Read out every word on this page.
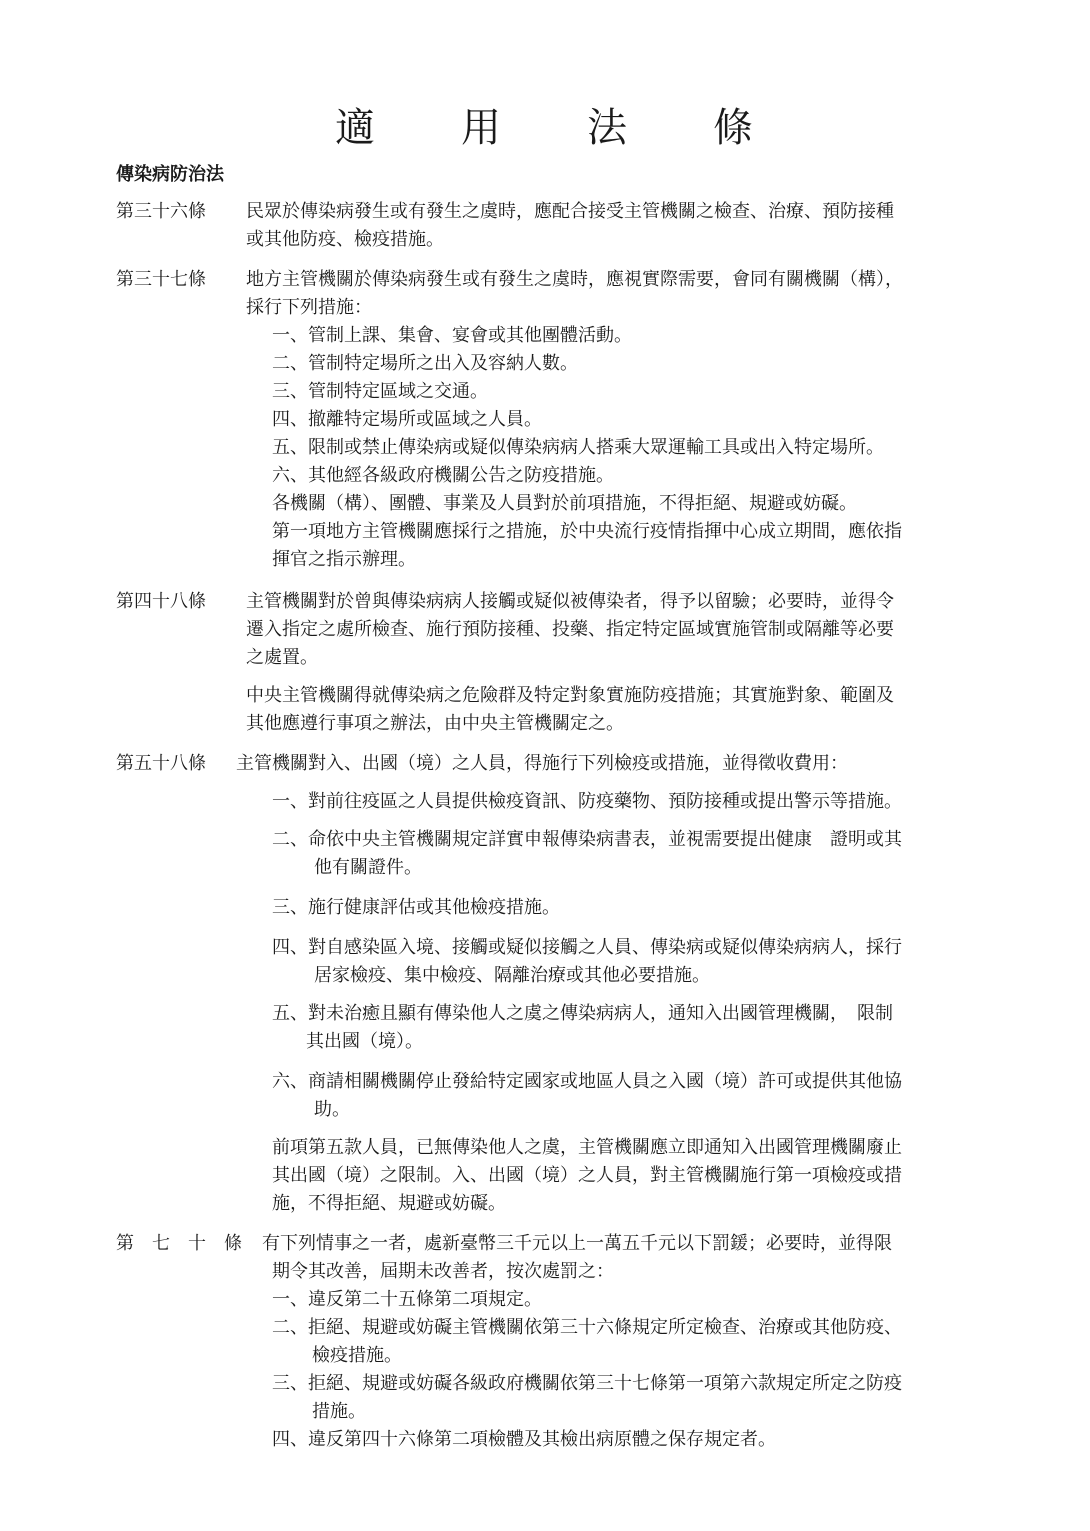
適　　用　　法　　條
傳染病防治法
第三十六條 民眾於傳染病發生或有發生之虞時，應配合接受主管機關之檢查、治療、預防接種
或其他防疫、檢疫措施。
第三十七條 地方主管機關於傳染病發生或有發生之虞時，應視實際需要，會同有關機關（構），
採行下列措施：
一、管制上課、集會、宴會或其他團體活動。
二、管制特定場所之出入及容納人數。
三、管制特定區域之交通。
四、撤離特定場所或區域之人員。
五、限制或禁止傳染病或疑似傳染病病人搭乘大眾運輸工具或出入特定場所。
六、其他經各級政府機關公告之防疫措施。
各機關（構）、團體、事業及人員對於前項措施，不得拒絕、規避或妨礙。
第一項地方主管機關應採行之措施，於中央流行疫情指揮中心成立期間，應依指
揮官之指示辦理。
第四十八條 主管機關對於曾與傳染病病人接觸或疑似被傳染者，得予以留驗；必要時，並得令
遷入指定之處所檢查、施行預防接種、投藥、指定特定區域實施管制或隔離等必要
之處置。
中央主管機關得就傳染病之危險群及特定對象實施防疫措施；其實施對象、範圍及
其他應遵行事項之辦法，由中央主管機關定之。
第五十八條 主管機關對入、出國（境）之人員，得施行下列檢疫或措施，並得徵收費用：
一、對前往疫區之人員提供檢疫資訊、防疫藥物、預防接種或提出警示等措施。
二、命依中央主管機關規定詳實申報傳染病書表，並視需要提出健康　證明或其
他有關證件。
三、施行健康評估或其他檢疫措施。
四、對自感染區入境、接觸或疑似接觸之人員、傳染病或疑似傳染病病人，採行
居家檢疫、集中檢疫、隔離治療或其他必要措施。
五、對未治癒且顯有傳染他人之虞之傳染病病人，通知入出國管理機關，　限制
其出國（境）。
六、商請相關機關停止發給特定國家或地區人員之入國（境）許可或提供其他協
助。
前項第五款人員，已無傳染他人之虞，主管機關應立即通知入出國管理機關廢止
其出國（境）之限制。入、出國（境）之人員，對主管機關施行第一項檢疫或措
施，不得拒絕、規避或妨礙。
第　七　十　條 有下列情事之一者，處新臺幣三千元以上一萬五千元以下罰鍰；必要時，並得限
期令其改善，屆期未改善者，按次處罰之：
一、違反第二十五條第二項規定。
二、拒絕、規避或妨礙主管機關依第三十六條規定所定檢查、治療或其他防疫、
檢疫措施。
三、拒絕、規避或妨礙各級政府機關依第三十七條第一項第六款規定所定之防疫
措施。
四、違反第四十六條第二項檢體及其檢出病原體之保存規定者。
